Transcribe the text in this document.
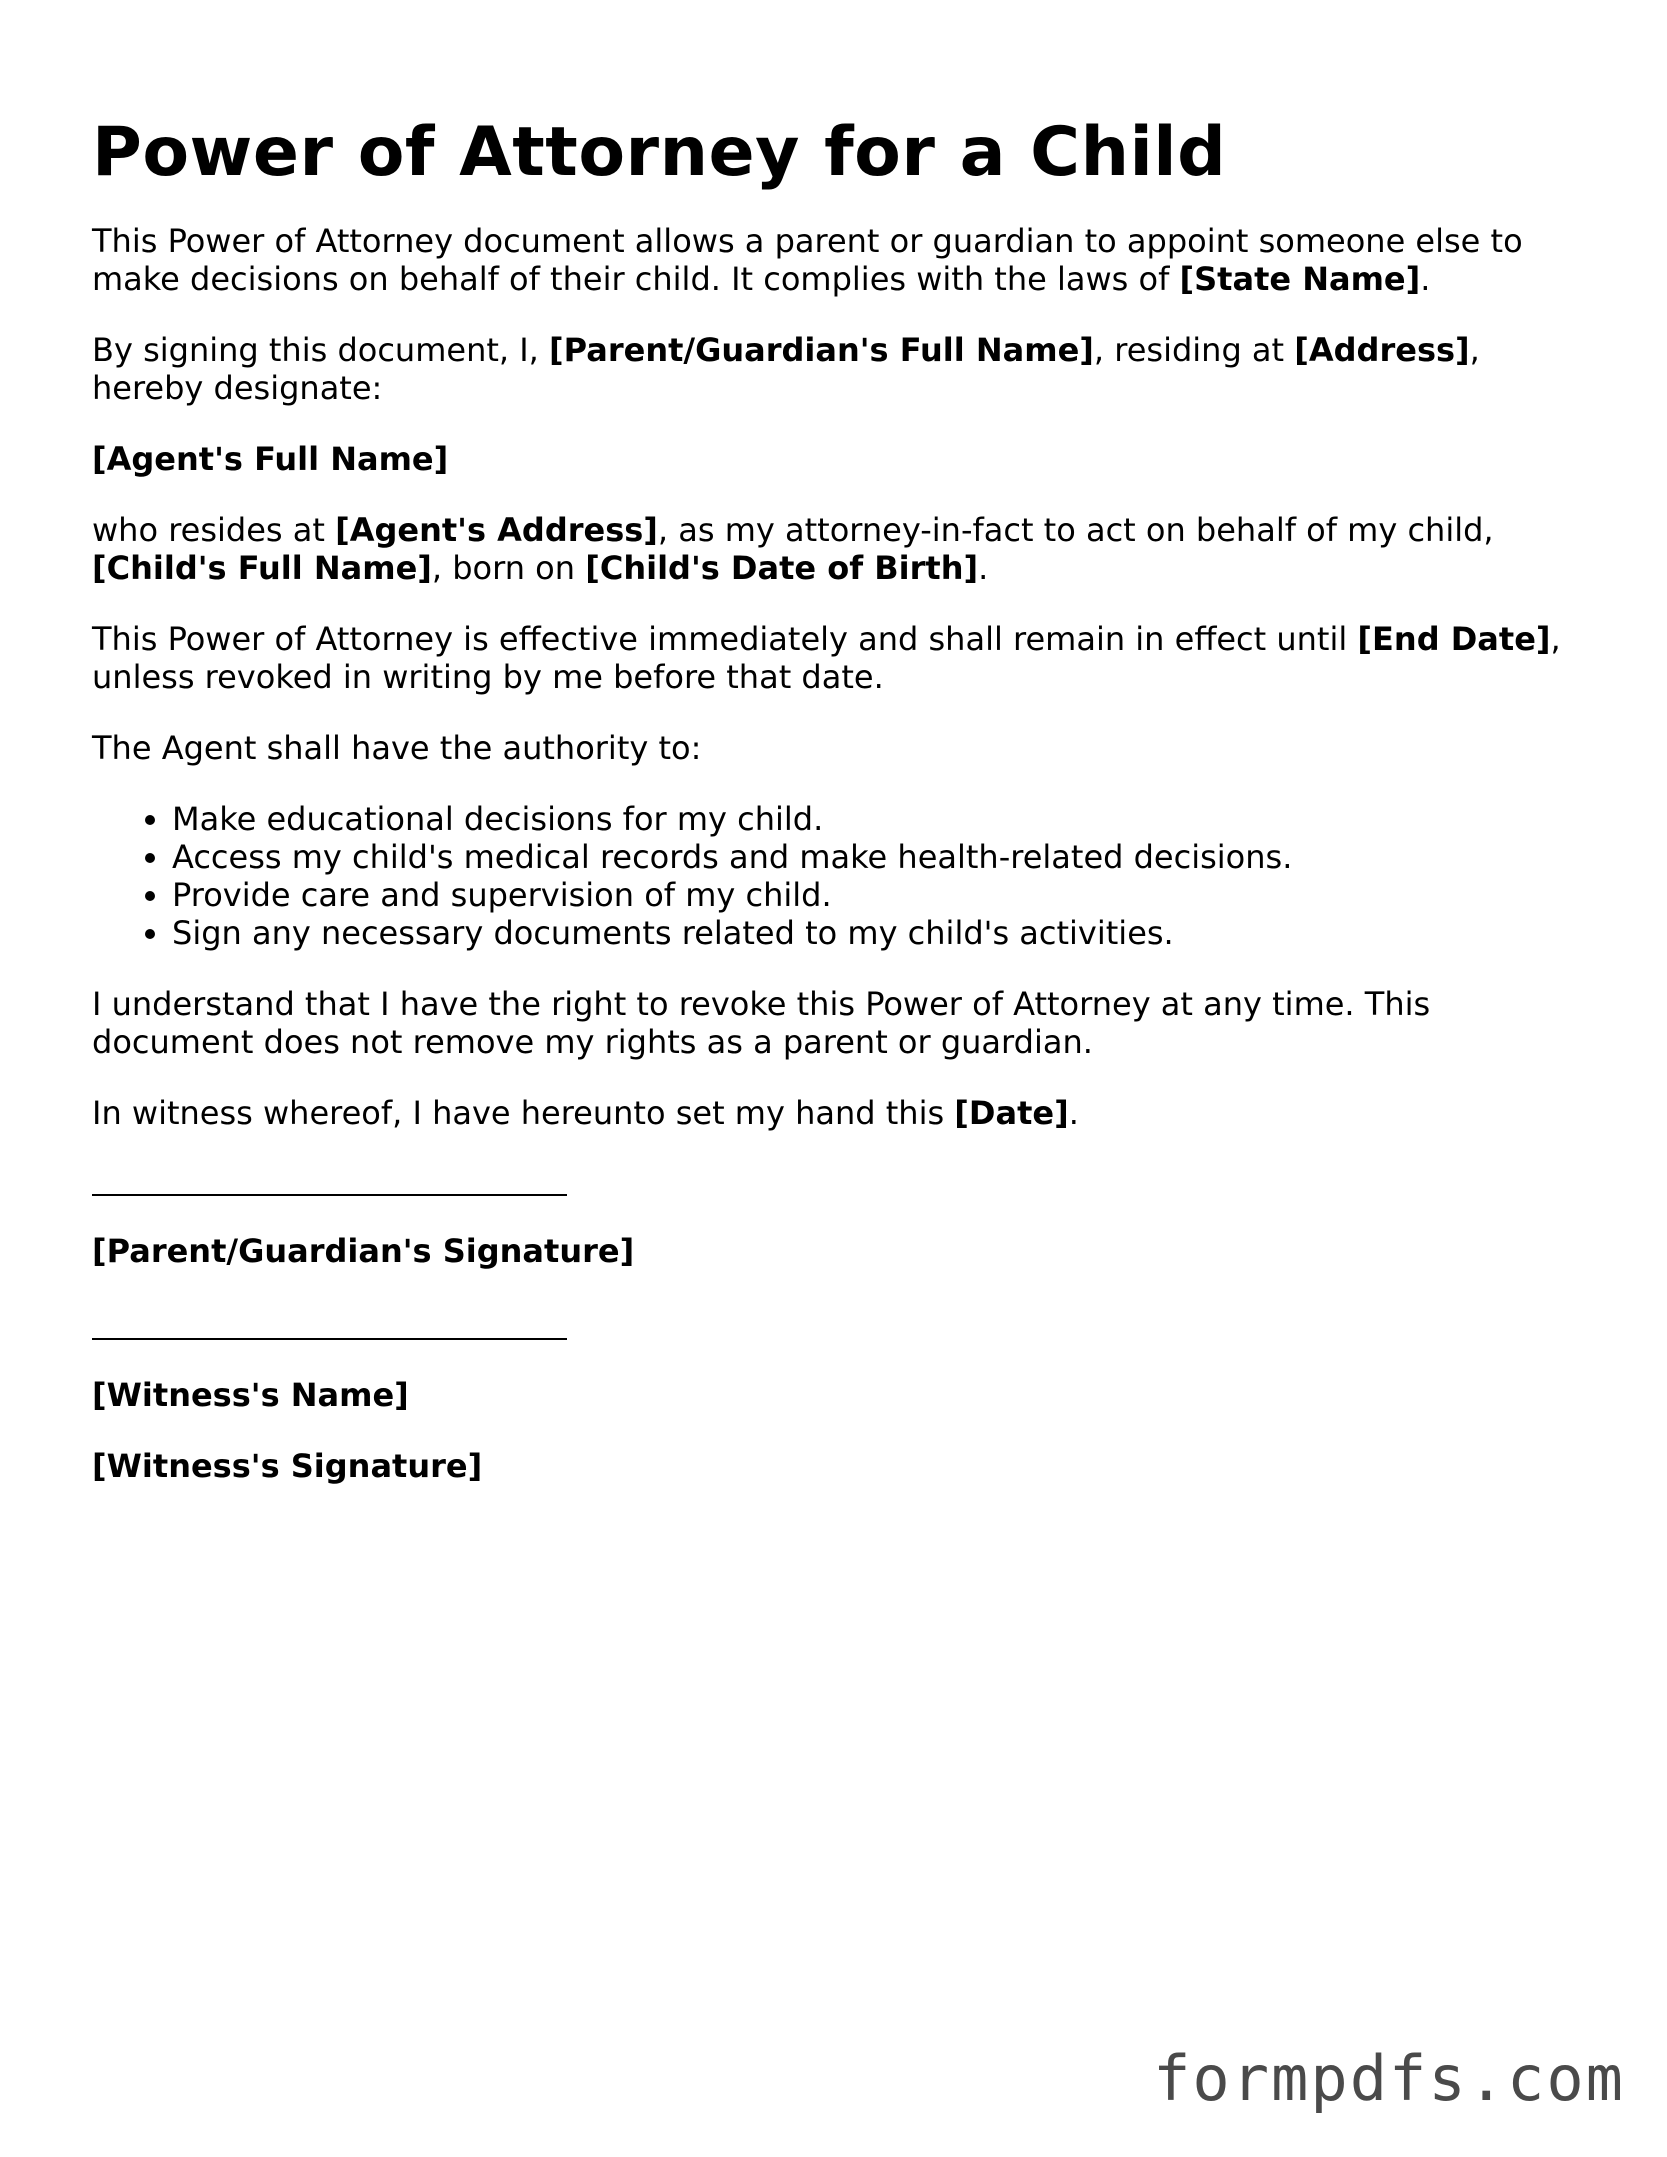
Power of Attorney for a Child

This Power of Attorney document allows a parent or guardian to appoint someone else to make decisions on behalf of their child. It complies with the laws of [State Name].

By signing this document, I, [Parent/Guardian's Full Name], residing at [Address], hereby designate:

[Agent's Full Name]

who resides at [Agent's Address], as my attorney-in-fact to act on behalf of my child, [Child's Full Name], born on [Child's Date of Birth].

This Power of Attorney is effective immediately and shall remain in effect until [End Date], unless revoked in writing by me before that date.

The Agent shall have the authority to:

• Make educational decisions for my child.
• Access my child's medical records and make health-related decisions.
• Provide care and supervision of my child.
• Sign any necessary documents related to my child's activities.

I understand that I have the right to revoke this Power of Attorney at any time. This document does not remove my rights as a parent or guardian.

In witness whereof, I have hereunto set my hand this [Date].

[Parent/Guardian's Signature]

[Witness's Name]

[Witness's Signature]

formpdfs.com
